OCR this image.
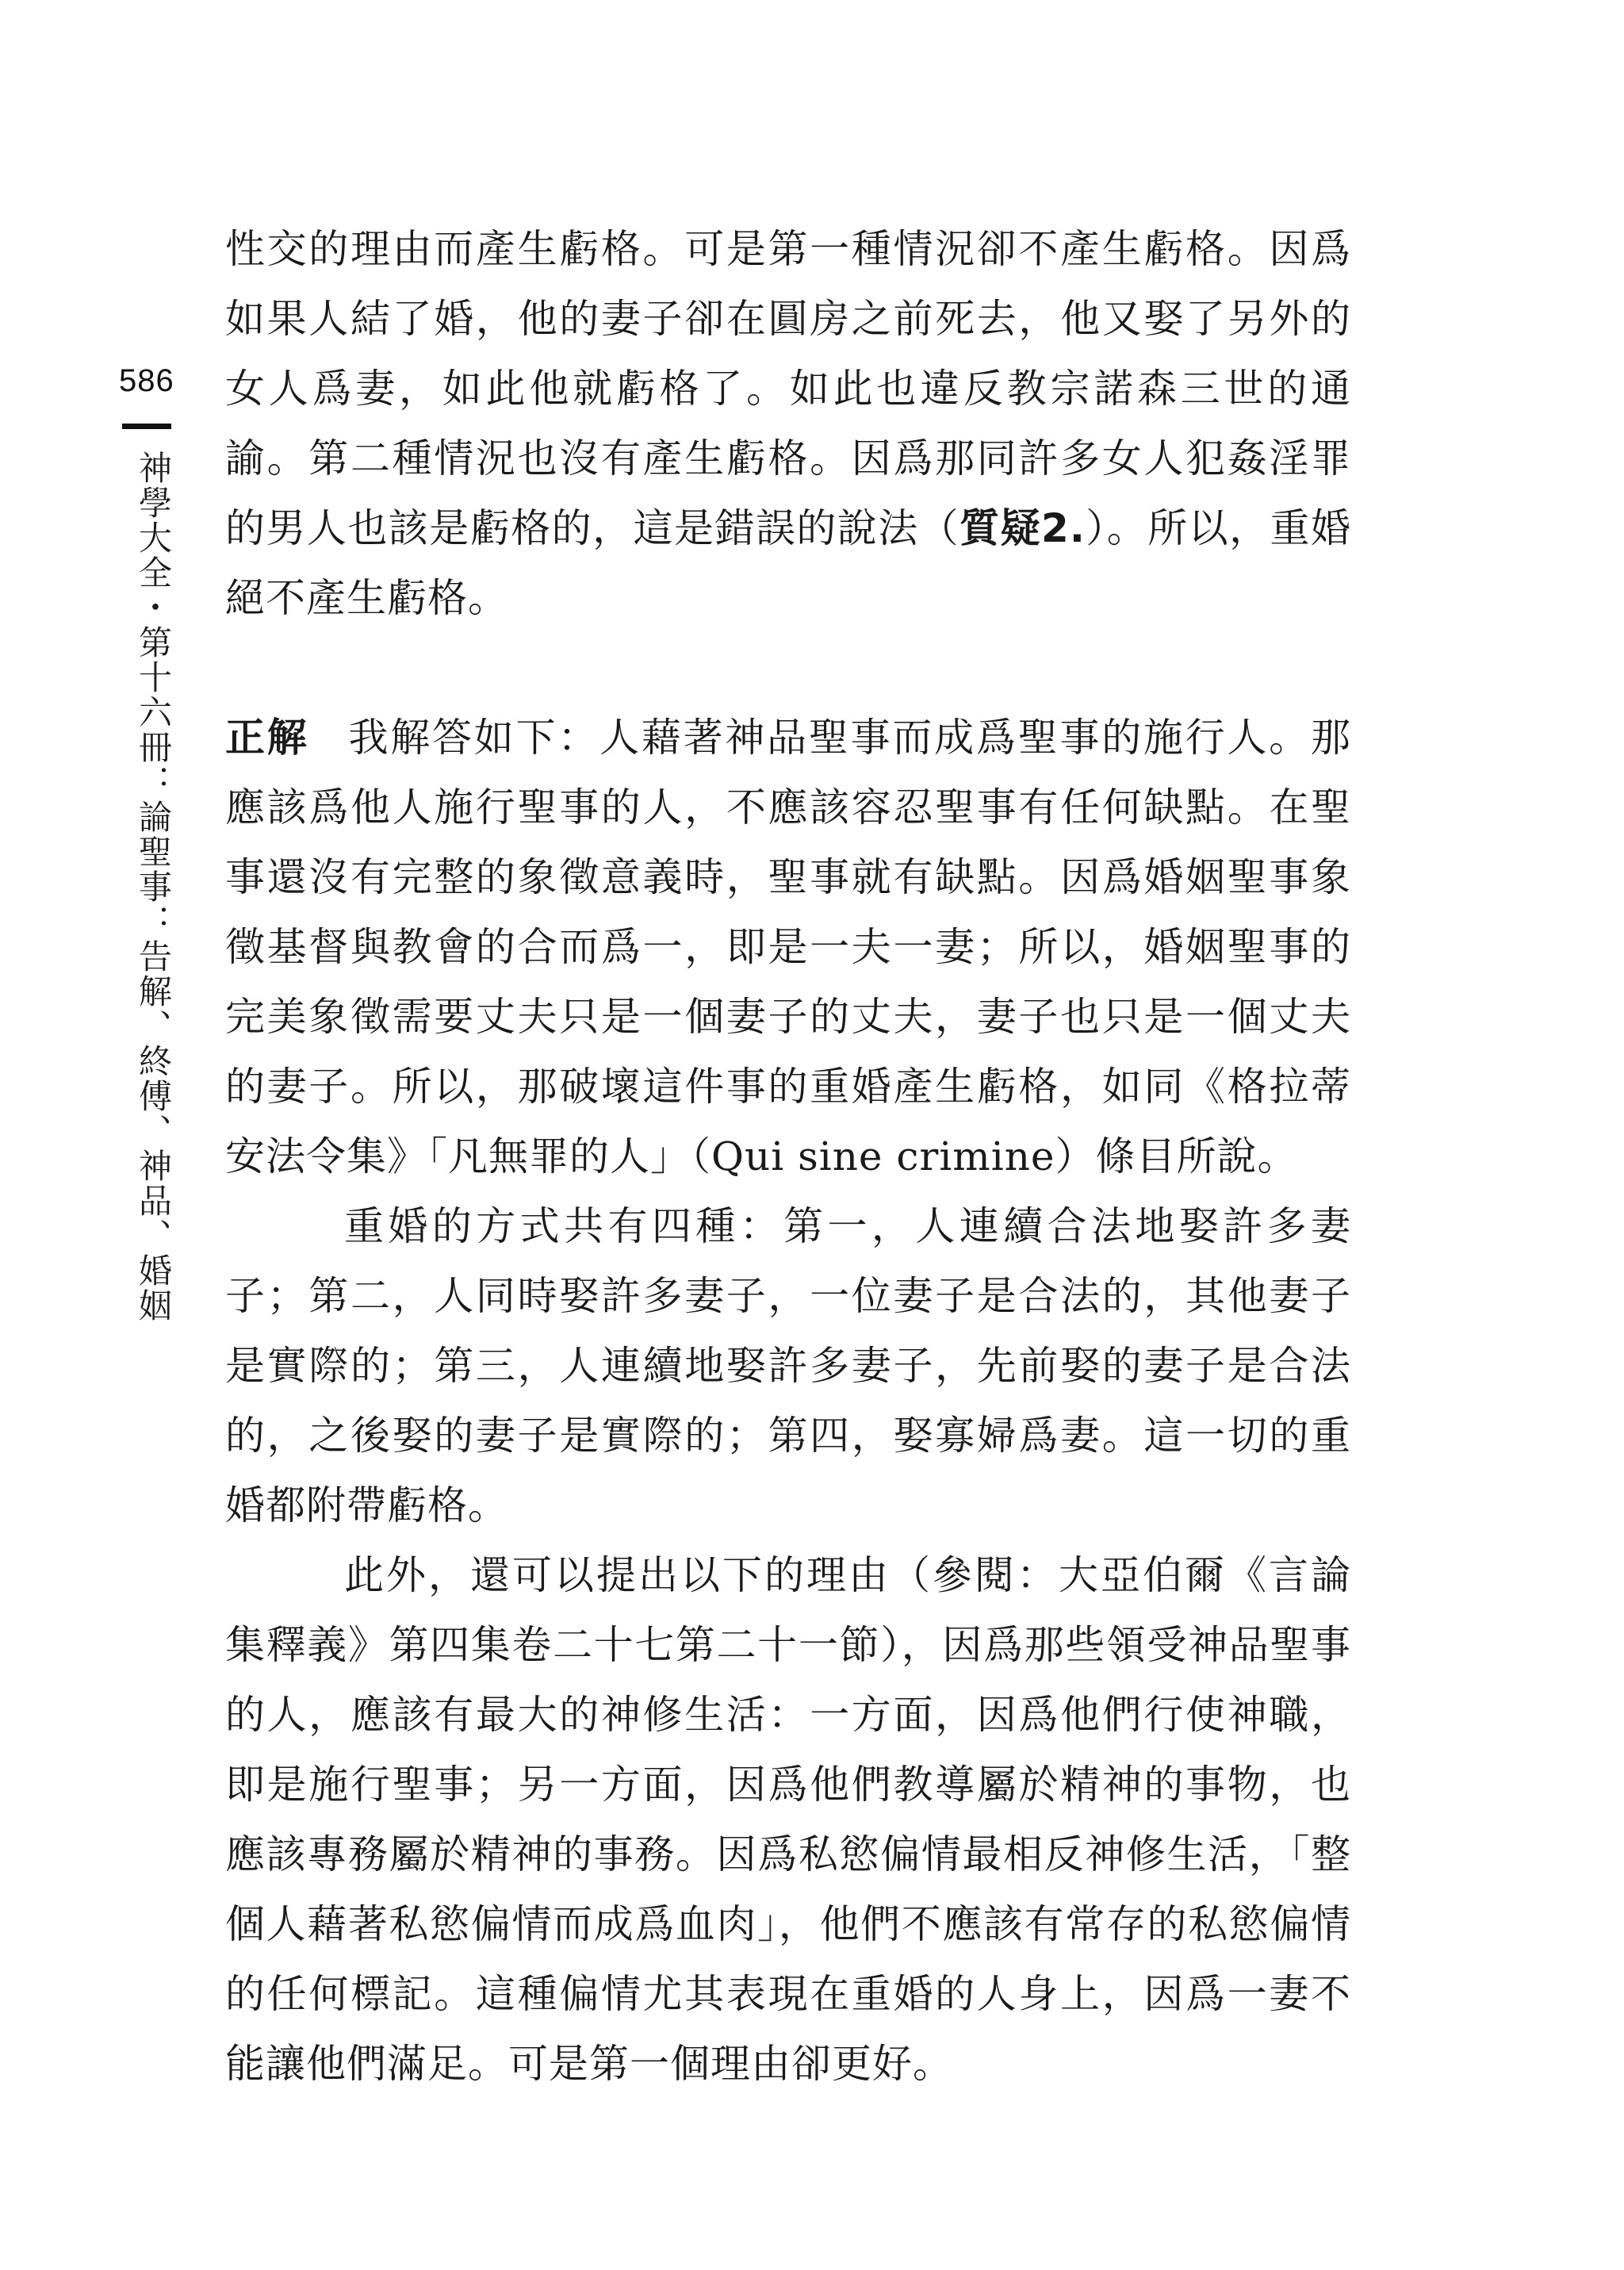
586
神學大全・第十六冊：論聖事：告解、終傅、神品、婚姻

性交的理由而產生虧格。可是第一種情況卻不產生虧格。因爲如果人結了婚，他的妻子卻在圓房之前死去，他又娶了另外的女人爲妻，如此他就虧格了。如此也違反教宗諾森三世的通諭。第二種情況也沒有產生虧格。因爲那同許多女人犯姦淫罪的男人也該是虧格的，這是錯誤的說法（質疑2.）。所以，重婚絕不產生虧格。

正解 我解答如下：人藉著神品聖事而成爲聖事的施行人。那應該爲他人施行聖事的人，不應該容忍聖事有任何缺點。在聖事還沒有完整的象徵意義時，聖事就有缺點。因爲婚姻聖事象徵基督與教會的合而爲一，即是一夫一妻；所以，婚姻聖事的完美象徵需要丈夫只是一個妻子的丈夫，妻子也只是一個丈夫的妻子。所以，那破壞這件事的重婚產生虧格，如同《格拉蒂安法令集》「凡無罪的人」（Qui sine crimine）條目所說。

重婚的方式共有四種：第一，人連續合法地娶許多妻子；第二，人同時娶許多妻子，一位妻子是合法的，其他妻子是實際的；第三，人連續地娶許多妻子，先前娶的妻子是合法的，之後娶的妻子是實際的；第四，娶寡婦爲妻。這一切的重婚都附帶虧格。

此外，還可以提出以下的理由（參閱：大亞伯爾《言論集釋義》第四集卷二十七第二十一節），因爲那些領受神品聖事的人，應該有最大的神修生活：一方面，因爲他們行使神職，即是施行聖事；另一方面，因爲他們教導屬於精神的事物，也應該專務屬於精神的事務。因爲私慾偏情最相反神修生活，「整個人藉著私慾偏情而成爲血肉」，他們不應該有常存的私慾偏情的任何標記。這種偏情尤其表現在重婚的人身上，因爲一妻不能讓他們滿足。可是第一個理由卻更好。
